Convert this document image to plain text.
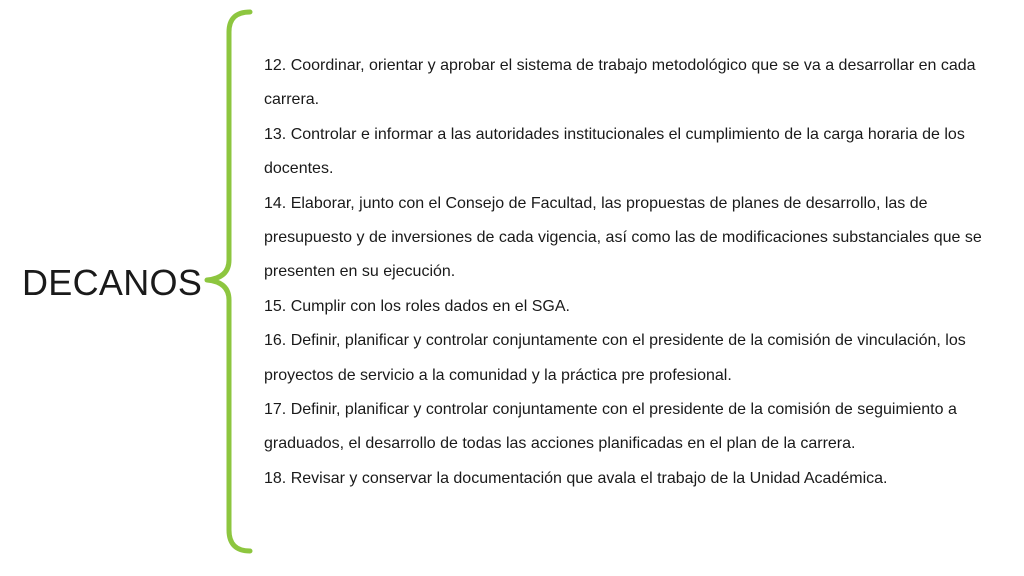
DECANOS
12. Coordinar, orientar y aprobar el sistema de trabajo metodológico que se va a desarrollar en cada carrera.
13. Controlar e informar a las autoridades institucionales el cumplimiento de la carga horaria de los docentes.
14. Elaborar, junto con el Consejo de Facultad, las propuestas de planes de desarrollo, las de presupuesto y de inversiones de cada vigencia, así como las de modificaciones substanciales que se presenten en su ejecución.
15. Cumplir con los roles dados en el SGA.
16. Definir, planificar y controlar conjuntamente con el presidente de la comisión de vinculación, los proyectos de servicio a la comunidad y la práctica pre profesional.
17. Definir, planificar y controlar conjuntamente con el presidente de la comisión de seguimiento a graduados, el desarrollo de todas las acciones planificadas en el plan de la carrera.
18. Revisar y conservar la documentación que avala el trabajo de la Unidad Académica.
